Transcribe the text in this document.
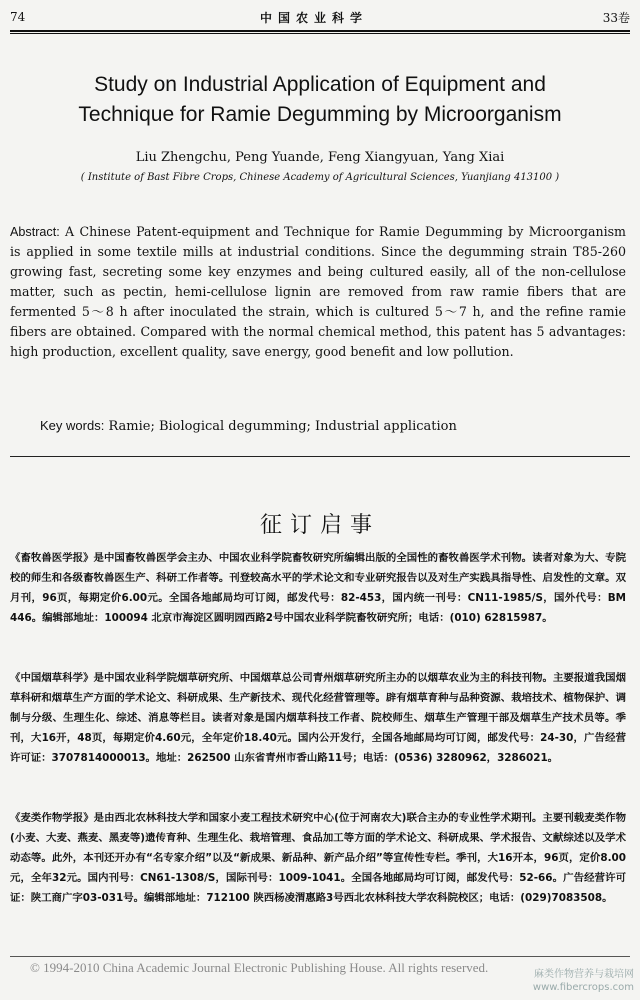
74	中国农业科学	33卷
Study on Industrial Application of Equipment and
Technique for Ramie Degumming by Microorganism
Liu Zhengchu, Peng Yuande, Feng Xiangyuan, Yang Xiai
( Institute of Bast Fibre Crops, Chinese Academy of Agricultural Sciences, Yuanjiang 413100 )
Abstract: A Chinese Patent-equipment and Technique for Ramie Degumming by Microorganism is applied in some textile mills at industrial conditions. Since the degumming strain T85-260 growing fast, secreting some key enzymes and being cultured easily, all of the non-cellulose matter, such as pectin, hemi-cellulose lignin are removed from raw ramie fibers that are fermented 5～8 h after inoculated the strain, which is cultured 5～7 h, and the refine ramie fibers are obtained. Compared with the normal chemical method, this patent has 5 advantages: high production, excellent quality, save energy, good benefit and low pollution.
Key words: Ramie; Biological degumming; Industrial application
征订启事
《畜牧兽医学报》是中国畜牧兽医学会主办、中国农业科学院畜牧研究所编辑出版的全国性的畜牧兽医学术刊物。读者对象为大、专院校的师生和各级畜牧兽医生产、科研工作者等。刊登较高水平的学术论文和专业研究报告以及对生产实践具指导性、启发性的文章。双月刊，96页，每期定价6.00元。全国各地邮局均可订阅，邮发代号：82-453，国内统一刊号：CN11-1985/S，国外代号：BM 446。编辑部地址：100094 北京市海淀区圆明园西路2号中国农业科学院畜牧研究所；电话：(010) 62815987。
《中国烟草科学》是中国农业科学院烟草研究所、中国烟草总公司青州烟草研究所主办的以烟草农业为主的科技刊物。主要报道我国烟草科研和烟草生产方面的学术论文、科研成果、生产新技术、现代化经营管理等。辟有烟草育种与品种资源、栽培技术、植物保护、调制与分级、生理生化、综述、消息等栏目。读者对象是国内烟草科技工作者、院校师生、烟草生产管理干部及烟草生产技术员等。季刊，大16开，48页，每期定价4.60元，全年定价18.40元。国内公开发行，全国各地邮局均可订阅，邮发代号：24-30，广告经营许可证：3707814000013。地址：262500 山东省青州市香山路11号；电话：(0536) 3280962，3286021。
《麦类作物学报》是由西北农林科技大学和国家小麦工程技术研究中心(位于河南农大)联合主办的专业性学术期刊。主要刊载麦类作物(小麦、大麦、燕麦、黑麦等)遗传育种、生理生化、栽培管理、食品加工等方面的学术论文、科研成果、学术报告、文献综述以及学术动态等。此外，本刊还开办有“名专家介绍”以及“新成果、新品种、新产品介绍”等宣传性专栏。季刊，大16开本，96页，定价8.00元，全年32元。国内刊号：CN61-1308/S，国际刊号：1009-1041。全国各地邮局均可订阅，邮发代号：52-66。广告经营许可证：陕工商广字03-031号。编辑部地址：712100 陕西杨凌渭惠路3号西北农林科技大学农科院校区；电话：(029)7083508。
© 1994-2010 China Academic Journal Electronic Publishing House. All rights reserved.	麻类作物营养与栽培网
www.fibercrops.com
